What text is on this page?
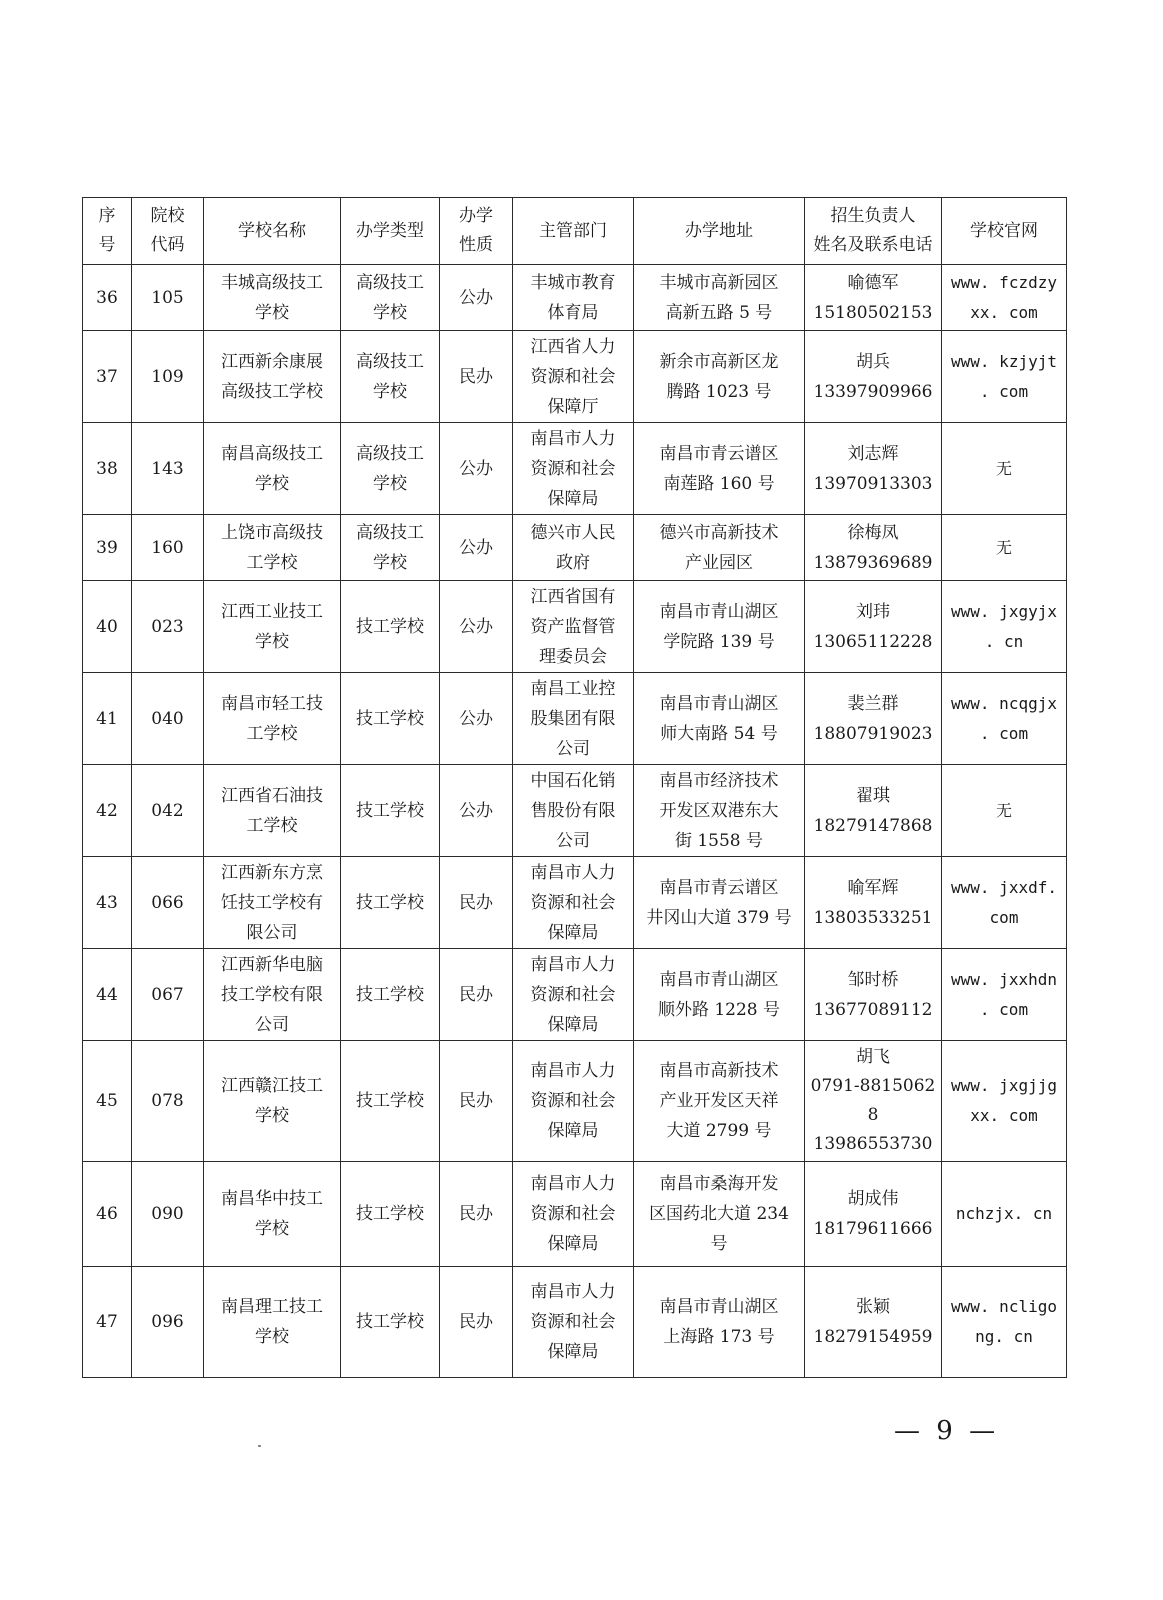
序
号	院校
代码	学校名称	办学类型	办学
性质	主管部门	办学地址	招生负责人
姓名及联系电话	学校官网

36	105	丰城高级技工
学校	高级技工
学校	公办	丰城市教育
体育局	丰城市高新园区
高新五路 5 号	喻德军
15180502153	www. fczdzy
xx. com

37	109	江西新余康展
高级技工学校	高级技工
学校	民办	江西省人力
资源和社会
保障厅	新余市高新区龙
腾路 1023 号	胡兵
13397909966	www. kzjyjt
. com

38	143	南昌高级技工
学校	高级技工
学校	公办	南昌市人力
资源和社会
保障局	南昌市青云谱区
南莲路 160 号	刘志辉
13970913303	无

39	160	上饶市高级技
工学校	高级技工
学校	公办	德兴市人民
政府	德兴市高新技术
产业园区	徐梅凤
13879369689	无

40	023	江西工业技工
学校	技工学校	公办	江西省国有
资产监督管
理委员会	南昌市青山湖区
学院路 139 号	刘玮
13065112228	www. jxgyjx
. cn

41	040	南昌市轻工技
工学校	技工学校	公办	南昌工业控
股集团有限
公司	南昌市青山湖区
师大南路 54 号	裴兰群
18807919023	www. ncqgjx
. com

42	042	江西省石油技
工学校	技工学校	公办	中国石化销
售股份有限
公司	南昌市经济技术
开发区双港东大
街 1558 号	翟琪
18279147868	无

43	066	江西新东方烹
饪技工学校有
限公司	技工学校	民办	南昌市人力
资源和社会
保障局	南昌市青云谱区
井冈山大道 379 号	喻军辉
13803533251	www. jxxdf.
com

44	067	江西新华电脑
技工学校有限
公司	技工学校	民办	南昌市人力
资源和社会
保障局	南昌市青山湖区
顺外路 1228 号	邹时桥
13677089112	www. jxxhdn
. com

45	078	江西赣江技工
学校	技工学校	民办	南昌市人力
资源和社会
保障局	南昌市高新技术
产业开发区天祥
大道 2799 号	胡飞
0791-8815062
8
13986553730	www. jxgjjg
xx. com

46	090	南昌华中技工
学校	技工学校	民办	南昌市人力
资源和社会
保障局	南昌市桑海开发
区国药北大道 234
号	胡成伟
18179611666	nchzjx. cn

47	096	南昌理工技工
学校	技工学校	民办	南昌市人力
资源和社会
保障局	南昌市青山湖区
上海路 173 号	张颖
18279154959	www. ncligo
ng. cn
— 9 —
